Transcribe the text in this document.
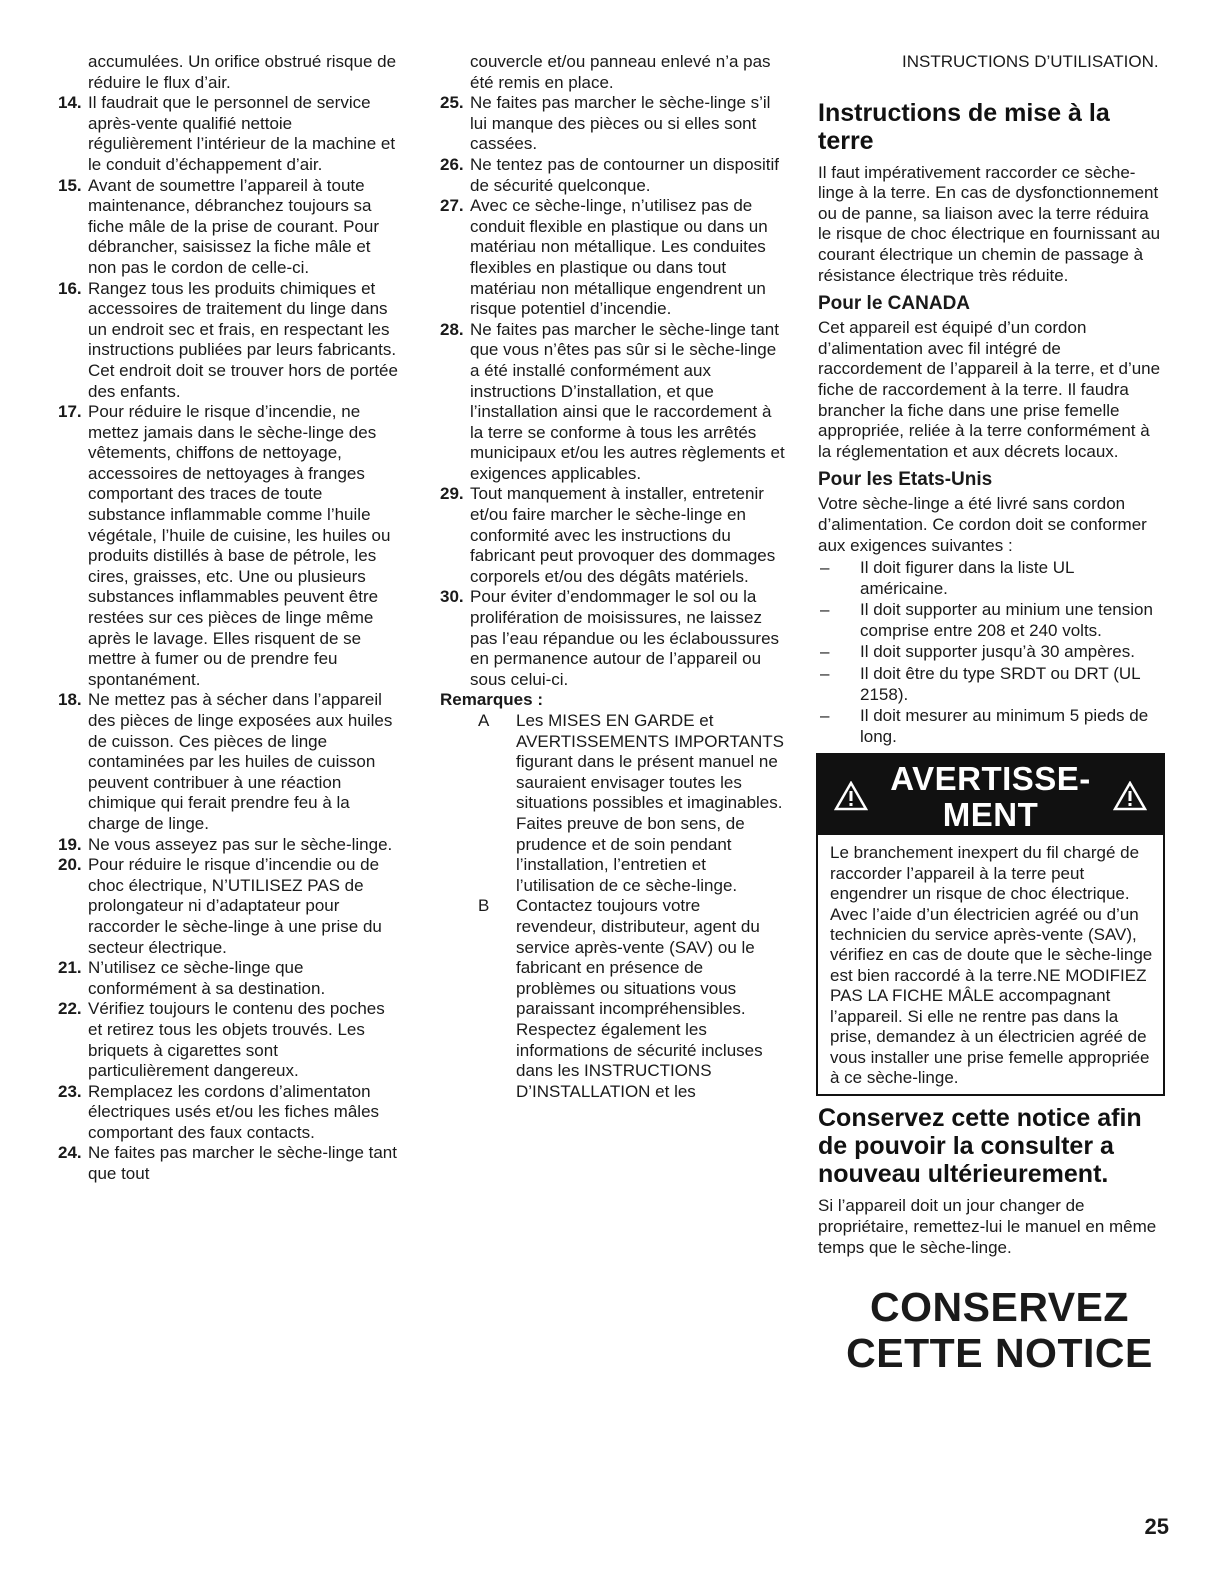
accumulées. Un orifice obstrué risque de réduire le flux d’air.
14. Il faudrait que le personnel de service après-vente qualifié nettoie régulièrement l’intérieur de la machine et le conduit d’échappement d’air.
15. Avant de soumettre l’appareil à toute maintenance, débranchez toujours sa fiche mâle de la prise de courant. Pour débrancher, saisissez la fiche mâle et non pas le cordon de celle-ci.
16. Rangez tous les produits chimiques et accessoires de traitement du linge dans un endroit sec et frais, en respectant les instructions publiées par leurs fabricants. Cet endroit doit se trouver hors de portée des enfants.
17. Pour réduire le risque d’incendie, ne mettez jamais dans le sèche-linge des vêtements, chiffons de nettoyage, accessoires de nettoyages à franges comportant des traces de toute substance inflammable comme l’huile végétale, l’huile de cuisine, les huiles ou produits distillés à base de pétrole, les cires, graisses, etc. Une ou plusieurs substances inflammables peuvent être restées sur ces pièces de linge même après le lavage. Elles risquent de se mettre à fumer ou de prendre feu spontanément.
18. Ne mettez pas à sécher dans l’appareil des pièces de linge exposées aux huiles de cuisson. Ces pièces de linge contaminées par les huiles de cuisson peuvent contribuer à une réaction chimique qui ferait prendre feu à la charge de linge.
19. Ne vous asseyez pas sur le sèche-linge.
20. Pour réduire le risque d’incendie ou de choc électrique, N’UTILISEZ PAS de prolongateur ni d’adaptateur pour raccorder le sèche-linge à une prise du secteur électrique.
21. N’utilisez ce sèche-linge que conformément à sa destination.
22. Vérifiez toujours le contenu des poches et retirez tous les objets trouvés. Les briquets à cigarettes sont particulièrement dangereux.
23. Remplacez les cordons d’alimentaton électriques usés et/ou les fiches mâles comportant des faux contacts.
24. Ne faites pas marcher le sèche-linge tant que tout
couvercle et/ou panneau enlevé n’a pas été remis en place.
25. Ne faites pas marcher le sèche-linge s’il lui manque des pièces ou si elles sont cassées.
26. Ne tentez pas de contourner un dispositif de sécurité quelconque.
27. Avec ce sèche-linge, n’utilisez pas de conduit flexible en plastique ou dans un matériau non métallique. Les conduites flexibles en plastique ou dans tout matériau non métallique engendrent un risque potentiel d’incendie.
28. Ne faites pas marcher le sèche-linge tant que vous n’êtes pas sûr si le sèche-linge a été installé conformément aux instructions D’installation, et que l’installation ainsi que le raccordement à la terre se conforme à tous les arrêtés municipaux et/ou les autres règlements et exigences applicables.
29. Tout manquement à installer, entretenir et/ou faire marcher le sèche-linge en conformité avec les instructions du fabricant peut provoquer des dommages corporels et/ou des dégâts matériels.
30. Pour éviter d’endommager le sol ou la prolifération de moisissures, ne laissez pas l’eau répandue ou les éclaboussures en permanence autour de l’appareil ou sous celui-ci.
Remarques :
A Les MISES EN GARDE et AVERTISSEMENTS IMPORTANTS figurant dans le présent manuel ne sauraient envisager toutes les situations possibles et imaginables. Faites preuve de bon sens, de prudence et de soin pendant l’installation, l’entretien et l’utilisation de ce sèche-linge.
B Contactez toujours votre revendeur, distributeur, agent du service après-vente (SAV) ou le fabricant en présence de problèmes ou situations vous paraissant incompréhensibles. Respectez également les informations de sécurité incluses dans les INSTRUCTIONS D’INSTALLATION et les
INSTRUCTIONS D’UTILISATION.
Instructions de mise à la terre

Il faut impérativement raccorder ce sèche-linge à la terre. En cas de dysfonctionnement ou de panne, sa liaison avec la terre réduira le risque de choc électrique en fournissant au courant électrique un chemin de passage à résistance électrique très réduite.

Pour le CANADA

Cet appareil est équipé d’un cordon d’alimentation avec fil intégré de raccordement de l’appareil à la terre, et d’une fiche de raccordement à la terre. Il faudra brancher la fiche dans une prise femelle appropriée, reliée à la terre conformément à la réglementation et aux décrets locaux.

Pour les Etats-Unis

Votre sèche-linge a été livré sans cordon d’alimentation. Ce cordon doit se conformer aux exigences suivantes :

– Il doit figurer dans la liste UL américaine.
– Il doit supporter au minium une tension comprise entre 208 et 240 volts.
– Il doit supporter jusqu’à 30 ampères.
– Il doit être du type SRDT ou DRT (UL 2158).
– Il doit mesurer au minimum 5 pieds de long.
AVERTISSE-
MENT
Le branchement inexpert du fil chargé de raccorder l’appareil à la terre peut engendrer un risque de choc électrique. Avec l’aide d’un électricien agréé ou d’un technicien du service après-vente (SAV), vérifiez en cas de doute que le sèche-linge est bien raccordé à la terre.NE MODIFIEZ PAS LA FICHE MÂLE accompagnant l’appareil. Si elle ne rentre pas dans la prise, demandez à un électricien agréé de vous installer une prise femelle appropriée à ce sèche-linge.
Conservez cette notice afin de pouvoir la consulter a nouveau ultérieurement.

Si l’appareil doit un jour changer de propriétaire, remettez-lui le manuel en même temps que le sèche-linge.

CONSERVEZ
CETTE NOTICE
25
